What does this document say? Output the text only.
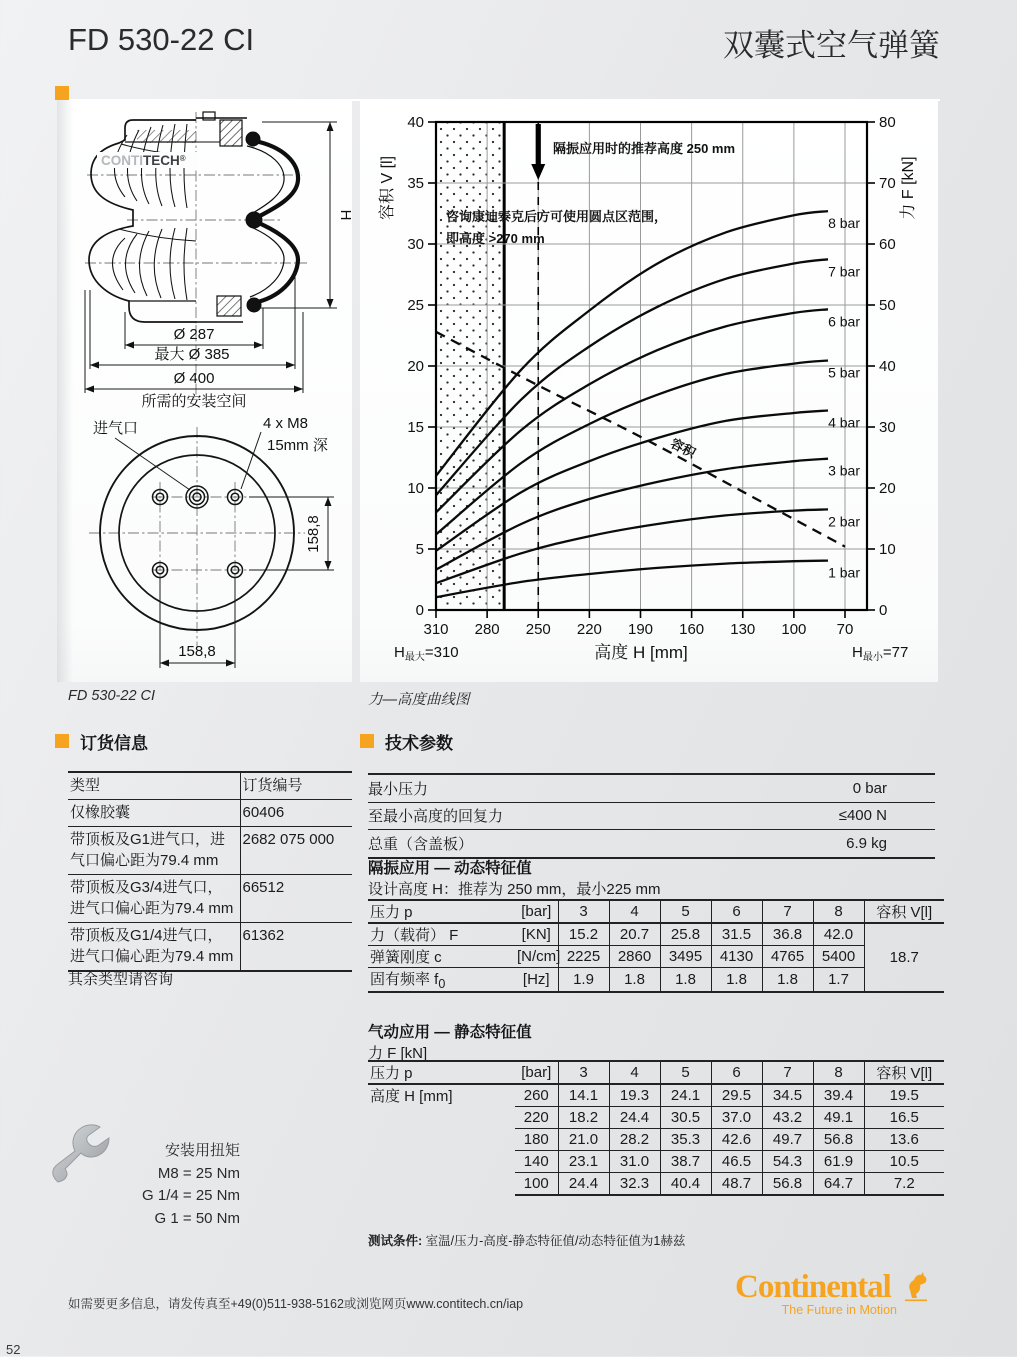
FD 530-22 CI	双囊式空气弹簧
CONTITECH®
H
Ø 287
最大 Ø 385
Ø 400
所需的安装空间
进气口	4 x M8
15mm 深
158,8
158,8
310 280 250 220 190 160 130 100 70
0
5
10
15
20
25
30
35
40
0
10
20
30
40
50
60
70
80
1 bar
2 bar
3 bar
4 bar
5 bar
6 bar
7 bar
8 bar
容积
隔振应用时的推荐高度 250 mm
咨询康迪泰克后方可使用圆点区范围，
即高度 >270 mm
容积 V [l]	力 F [kN]
高度 H [mm]
$H_{最大}=310$	$H_{最小}=77$
FD 530-22 CI	力—高度曲线图
订货信息	技术参数
类型	订货编号
仅橡胶囊	60406
带顶板及G1进气口，进气口偏心距为79.4 mm	2682 075 000
带顶板及G3/4进气口，进气口偏心距为79.4 mm	66512
带顶板及G1/4进气口，进气口偏心距为79.4 mm	61362
其余类型请咨询
最小压力	0 bar
至最小高度的回复力	≤400 N
总重（含盖板）	6.9 kg
隔振应用 — 动态特征值
设计高度 H：推荐为 250 mm，最小225 mm
压力 p	[bar]	3	4	5	6	7	8	容积 V[l]
力（载荷） F	[KN]	15.2	20.7	25.8	31.5	36.8	42.0	18.7
弹簧刚度 c	[N/cm]	2225	2860	3495	4130	4765	5400	
固有频率 $f_0$	[Hz]	1.9	1.8	1.8	1.8	1.8	1.7	
气动应用 — 静态特征值
力 F [kN]
压力 p	[bar]	3	4	5	6	7	8	容积 V[l]
高度 H [mm]	260	14.1	19.3	24.1	29.5	34.5	39.4	19.5
	220	18.2	24.4	30.5	37.0	43.2	49.1	16.5
	180	21.0	28.2	35.3	42.6	49.7	56.8	13.6
	140	23.1	31.0	38.7	46.5	54.3	61.9	10.5
	100	24.4	32.3	40.4	48.7	56.8	64.7	7.2
测试条件: 室温/压力-高度-静态特征值/动态特征值为1赫兹
安装用扭矩
M8 = 25 Nm
G 1/4 = 25 Nm
G 1 = 50 Nm
如需要更多信息，请发传真至+49(0)511-938-5162或浏览网页www.contitech.cn/iap	Continental
The Future in Motion
52
